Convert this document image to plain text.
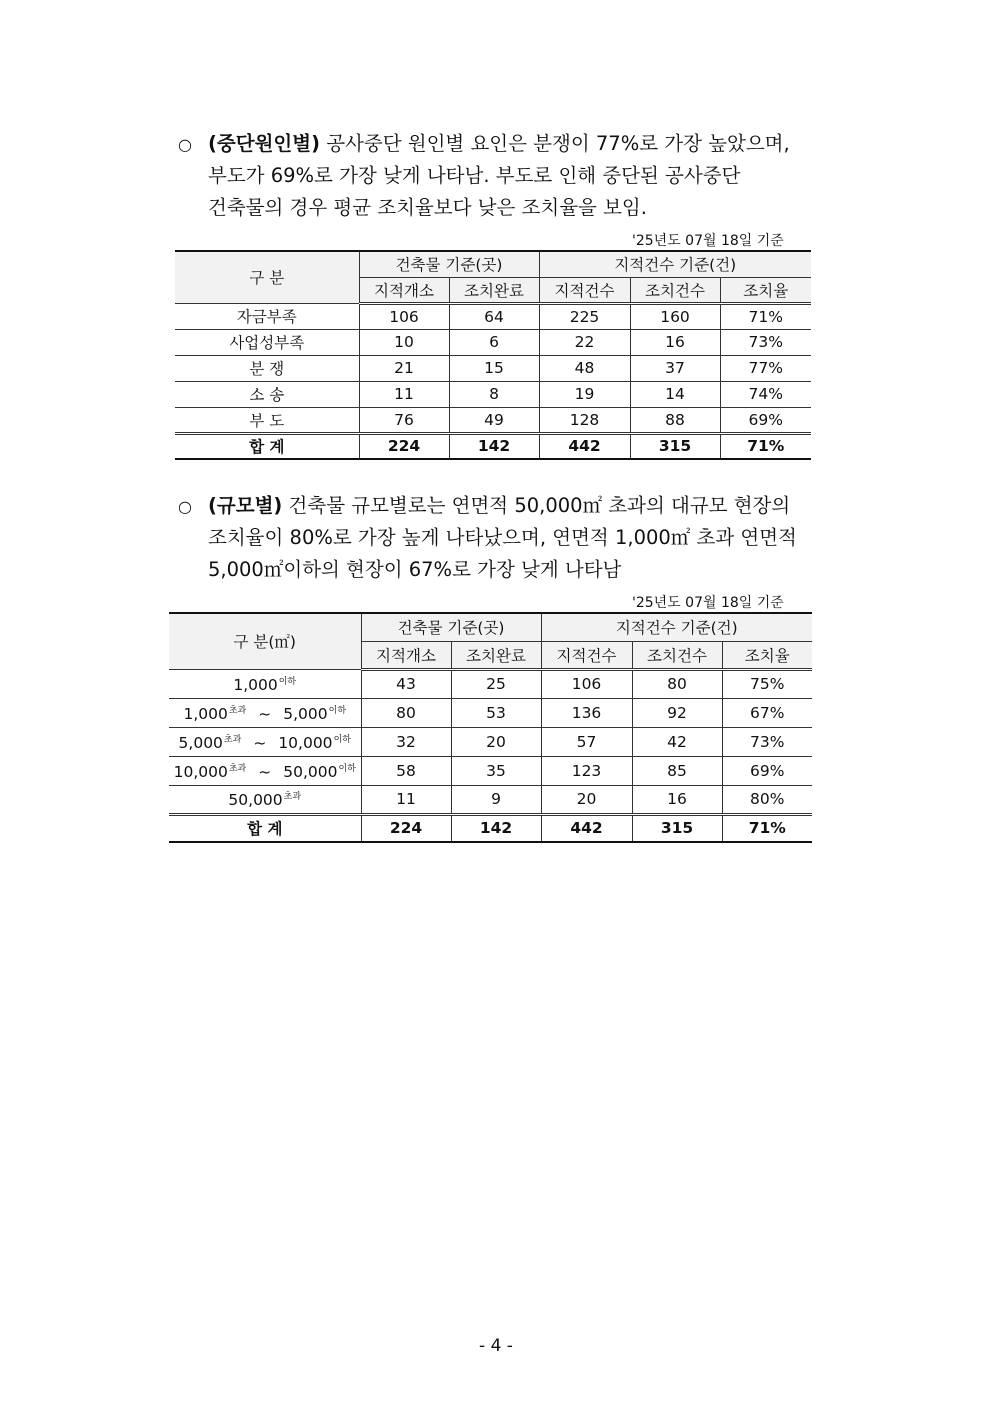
○ (중단원인별) 공사중단 원인별 요인은 분쟁이 77%로 가장 높았으며,
부도가 69%로 가장 낮게 나타남. 부도로 인해 중단된 공사중단
건축물의 경우 평균 조치율보다 낮은 조치율을 보임.
'25년도 07월 18일 기준
구 분	건축물 기준(곳)		지적건수 기준(건)		
	지적개소	조치완료	지적건수	조치건수	조치율
자금부족	106	64	225	160	71%
사업성부족	10	6	22	16	73%
분 쟁	21	15	48	37	77%
소 송	11	8	19	14	74%
부 도	76	49	128	88	69%
합 계	224	142	442	315	71%
○ (규모별) 건축물 규모별로는 연면적 50,000㎡ 초과의 대규모 현장의
조치율이 80%로 가장 높게 나타났으며, 연면적 1,000㎡ 초과 연면적
5,000㎡이하의 현장이 67%로 가장 낮게 나타남
'25년도 07월 18일 기준
구 분(㎡)	건축물 기준(곳)		지적건수 기준(건)		
	지적개소	조치완료	지적건수	조치건수	조치율
$1,000^{이하}$	43	25	106	80	75%
$1,000^{초과}$ ~ $5,000^{이하}$	80	53	136	92	67%
$5,000^{초과}$ ~ $10,000^{이하}$	32	20	57	42	73%
$10,000^{초과}$ ~ $50,000^{이하}$	58	35	123	85	69%
$50,000^{초과}$	11	9	20	16	80%
합 계	224	142	442	315	71%
- 4 -
